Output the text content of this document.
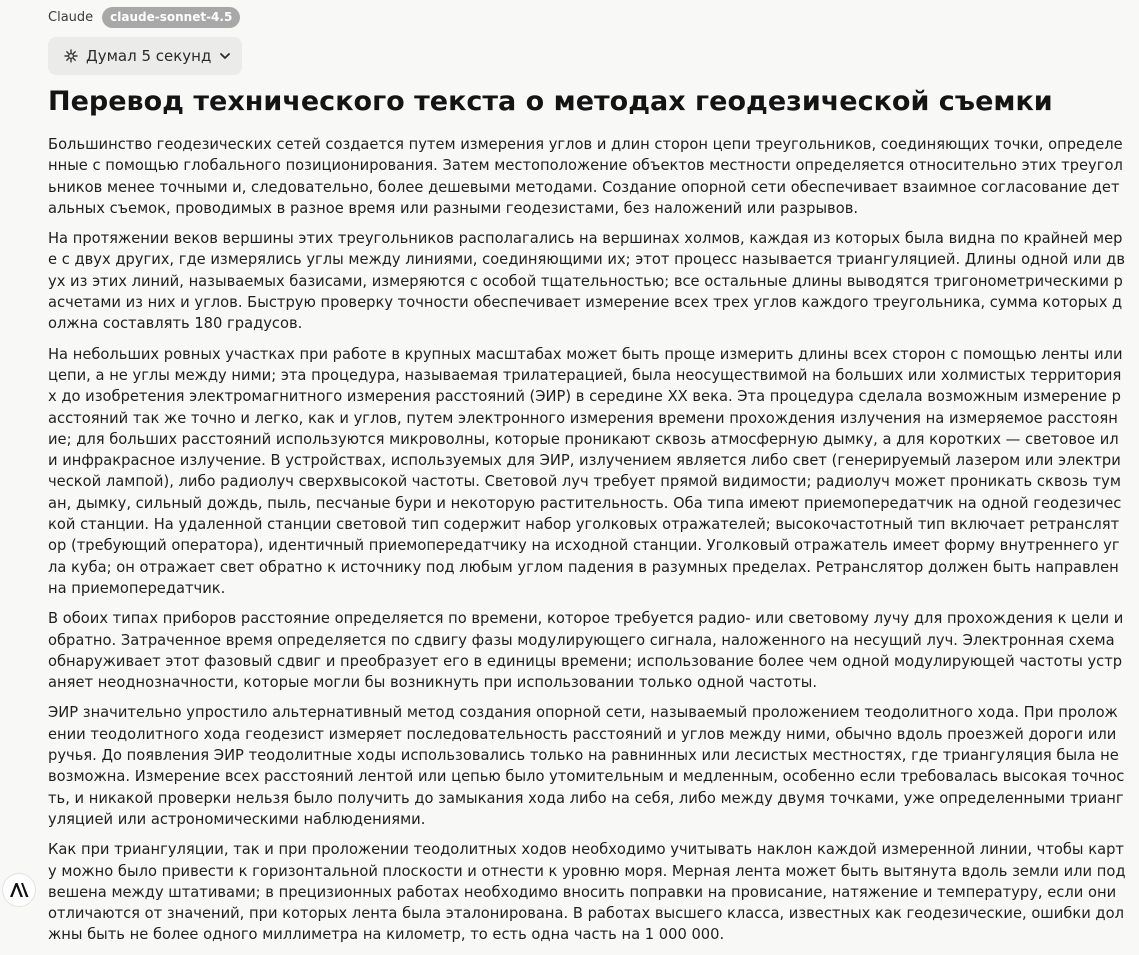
Claude	claude-sonnet-4.5
Думал 5 секунд
Перевод технического текста о методах геодезической съемки

Большинство геодезических сетей создается путем измерения углов и длин сторон цепи треугольников, соединяющих точки, определенные с помощью глобального позиционирования. Затем местоположение объектов местности определяется относительно этих треугольников менее точными и, следовательно, более дешевыми методами. Создание опорной сети обеспечивает взаимное согласование детальных съемок, проводимых в разное время или разными геодезистами, без наложений или разрывов.

На протяжении веков вершины этих треугольников располагались на вершинах холмов, каждая из которых была видна по крайней мере с двух других, где измерялись углы между линиями, соединяющими их; этот процесс называется триангуляцией. Длины одной или двух из этих линий, называемых базисами, измеряются с особой тщательностью; все остальные длины выводятся тригонометрическими расчетами из них и углов. Быструю проверку точности обеспечивает измерение всех трех углов каждого треугольника, сумма которых должна составлять 180 градусов.

На небольших ровных участках при работе в крупных масштабах может быть проще измерить длины всех сторон с помощью ленты или цепи, а не углы между ними; эта процедура, называемая трилатерацией, была неосуществимой на больших или холмистых территориях до изобретения электромагнитного измерения расстояний (ЭИР) в середине XX века. Эта процедура сделала возможным измерение расстояний так же точно и легко, как и углов, путем электронного измерения времени прохождения излучения на измеряемое расстояние; для больших расстояний используются микроволны, которые проникают сквозь атмосферную дымку, а для коротких — световое или инфракрасное излучение. В устройствах, используемых для ЭИР, излучением является либо свет (генерируемый лазером или электрической лампой), либо радиолуч сверхвысокой частоты. Световой луч требует прямой видимости; радиолуч может проникать сквозь туман, дымку, сильный дождь, пыль, песчаные бури и некоторую растительность. Оба типа имеют приемопередатчик на одной геодезической станции. На удаленной станции световой тип содержит набор уголковых отражателей; высокочастотный тип включает ретранслятор (требующий оператора), идентичный приемопередатчику на исходной станции. Уголковый отражатель имеет форму внутреннего угла куба; он отражает свет обратно к источнику под любым углом падения в разумных пределах. Ретранслятор должен быть направлен на приемопередатчик.

В обоих типах приборов расстояние определяется по времени, которое требуется радио- или световому лучу для прохождения к цели и обратно. Затраченное время определяется по сдвигу фазы модулирующего сигнала, наложенного на несущий луч. Электронная схема обнаруживает этот фазовый сдвиг и преобразует его в единицы времени; использование более чем одной модулирующей частоты устраняет неоднозначности, которые могли бы возникнуть при использовании только одной частоты.

ЭИР значительно упростило альтернативный метод создания опорной сети, называемый проложением теодолитного хода. При проложении теодолитного хода геодезист измеряет последовательность расстояний и углов между ними, обычно вдоль проезжей дороги или ручья. До появления ЭИР теодолитные ходы использовались только на равнинных или лесистых местностях, где триангуляция была невозможна. Измерение всех расстояний лентой или цепью было утомительным и медленным, особенно если требовалась высокая точность, и никакой проверки нельзя было получить до замыкания хода либо на себя, либо между двумя точками, уже определенными триангуляцией или астрономическими наблюдениями.

Как при триангуляции, так и при проложении теодолитных ходов необходимо учитывать наклон каждой измеренной линии, чтобы карту можно было привести к горизонтальной плоскости и отнести к уровню моря. Мерная лента может быть вытянута вдоль земли или подвешена между штативами; в прецизионных работах необходимо вносить поправки на провисание, натяжение и температуру, если они отличаются от значений, при которых лента была эталонирована. В работах высшего класса, известных как геодезические, ошибки должны быть не более одного миллиметра на километр, то есть одна часть на 1 000 000.
